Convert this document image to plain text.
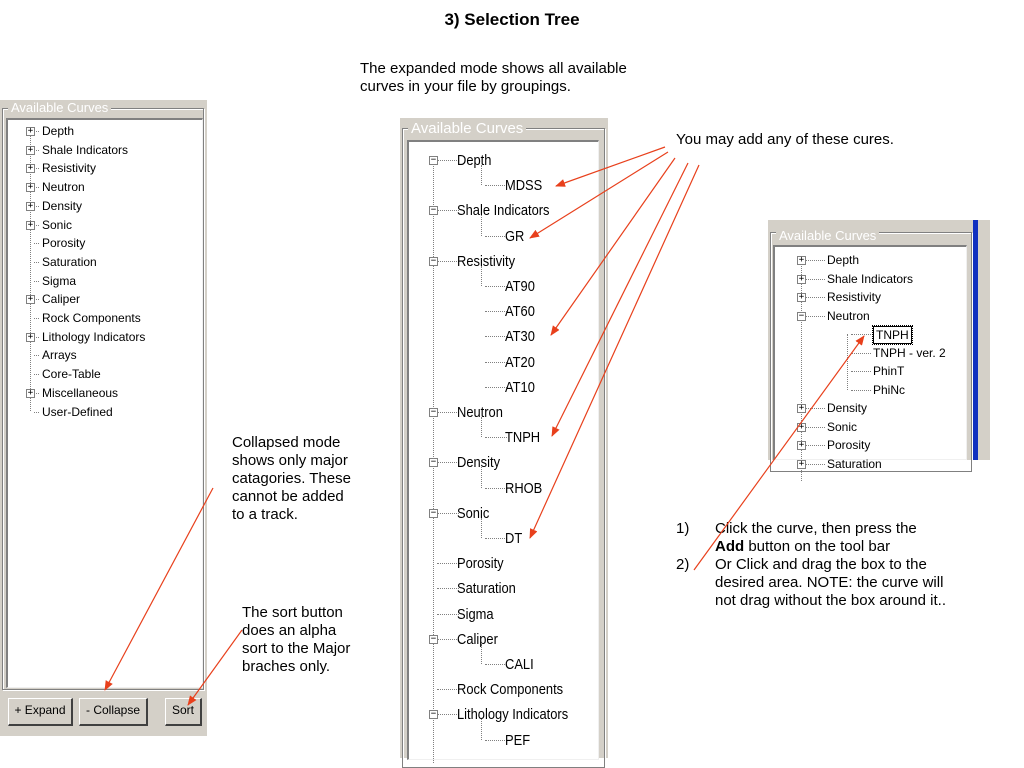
3) Selection Tree
The expanded mode shows all available
curves in your file by groupings.
You may add any of these cures.
Collapsed mode
shows only major
catagories. These
cannot be added
to a track.
The sort button
does an alpha
sort to the Major
braches only.
1) Click the curve, then press the
Add button on the tool bar
2) Or Click and drag the box to the
desired area. NOTE: the curve will
not drag without the box around it..
Available Curves
+ Depth
+ Shale Indicators
+ Resistivity
+ Neutron
+ Density
+ Sonic
Porosity
Saturation
Sigma
+ Caliper
Rock Components
+ Lithology Indicators
Arrays
Core-Table
+ Miscellaneous
User-Defined
+ Expand	- Collapse	Sort
Available Curves
− Depth
MDSS
− Shale Indicators
GR
− Resistivity
AT90
AT60
AT30
AT20
AT10
− Neutron
TNPH
− Density
RHOB
− Sonic
DT
Porosity
Saturation
Sigma
− Caliper
CALI
Rock Components
− Lithology Indicators
PEF
Available Curves
+ Depth
+ Shale Indicators
+ Resistivity
− Neutron
TNPH
TNPH - ver. 2
PhinT
PhiNc
+ Density
+ Sonic
+ Porosity
+ Saturation
